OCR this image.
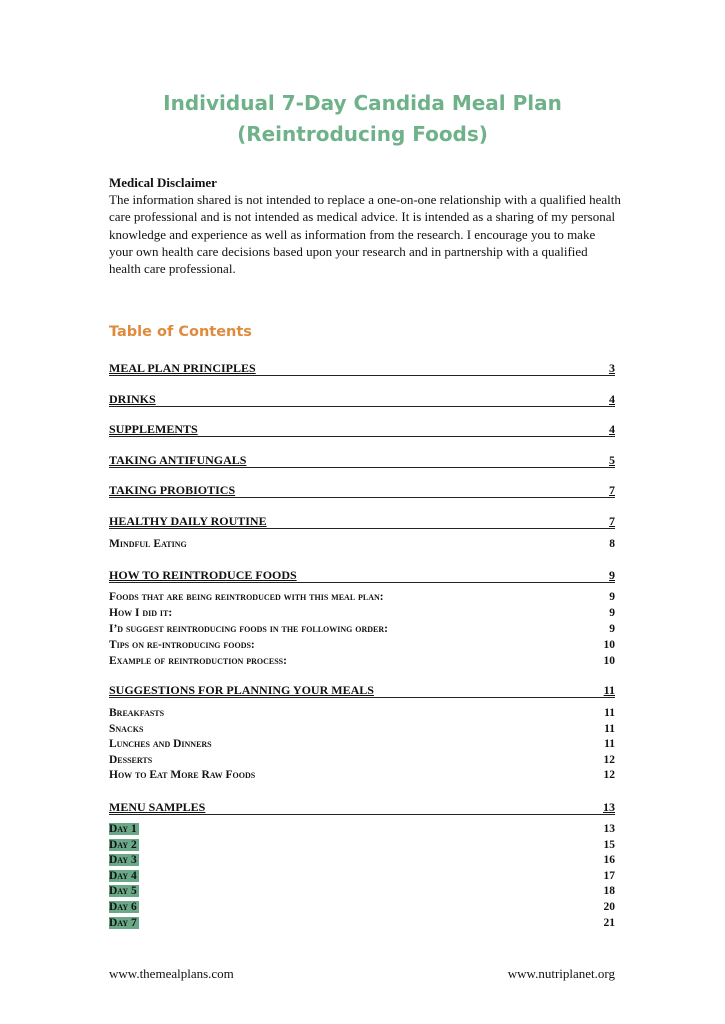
Individual 7-Day Candida Meal Plan
(Reintroducing Foods)
Medical Disclaimer

The information shared is not intended to replace a one-on-one relationship with a qualified health care professional and is not intended as medical advice. It is intended as a sharing of my personal knowledge and experience as well as information from the research. I encourage you to make your own health care decisions based upon your research and in partnership with a qualified health care professional.

Table of Contents
MEAL PLAN PRINCIPLES	3
DRINKS	4
SUPPLEMENTS	4
TAKING ANTIFUNGALS	5
TAKING PROBIOTICS	7
HEALTHY DAILY ROUTINE	7
Mindful Eating	8
HOW TO REINTRODUCE FOODS	9
Foods that are being reintroduced with this meal plan:	9
How I did it:	9
I’d suggest reintroducing foods in the following order:	9
Tips on re-introducing foods:	10
Example of reintroduction process:	10
SUGGESTIONS FOR PLANNING YOUR MEALS	11
Breakfasts	11
Snacks	11
Lunches and Dinners	11
Desserts	12
How to Eat More Raw Foods	12
MENU SAMPLES	13
Day 1	13
Day 2	15
Day 3	16
Day 4	17
Day 5	18
Day 6	20
Day 7	21
www.themealplans.com	www.nutriplanet.org
